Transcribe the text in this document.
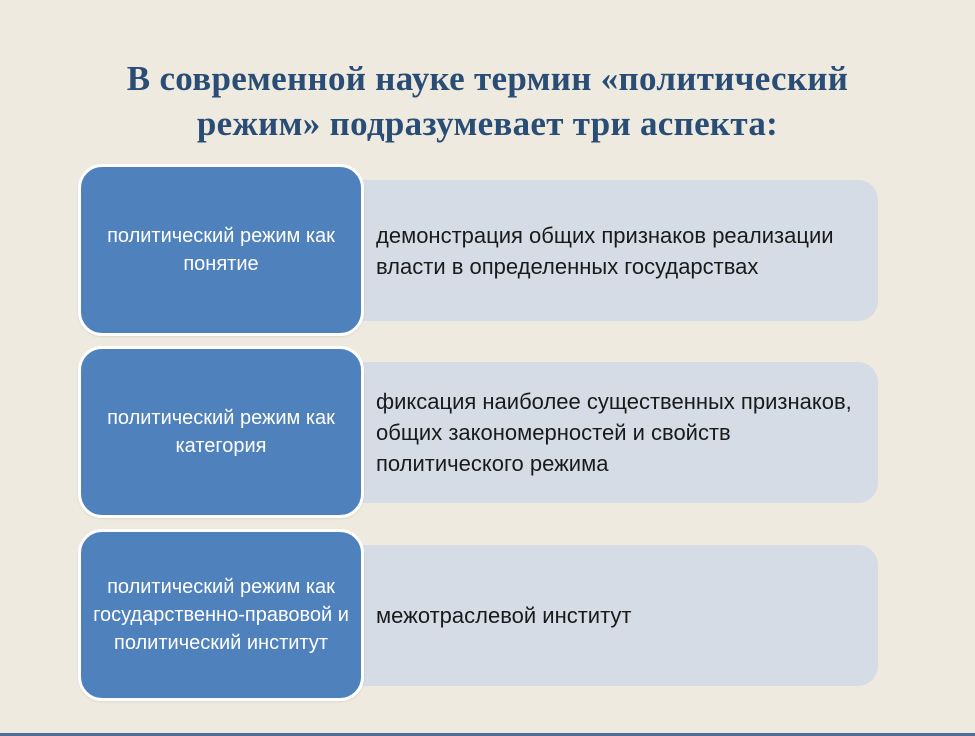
В современной науке термин «политический
режим» подразумевает три аспекта:
демонстрация общих признаков реализации власти в определенных государствах
политический режим как понятие
фиксация наиболее существенных признаков, общих закономерностей и свойств политического режима
политический режим как категория
межотраслевой институт
политический режим как государственно-правовой и политический институт
